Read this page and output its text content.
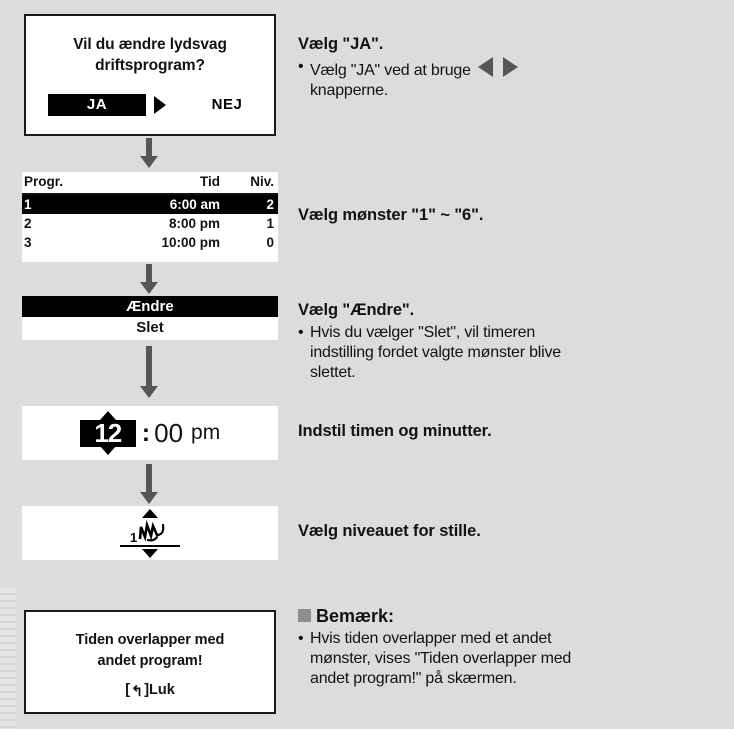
Vil du ændre lydsvag
driftsprogram?
JA	NEJ
Progr.	Tid	Niv.
1	6:00 am	2
2	8:00 pm	1
3	10:00 pm	0
Ændre
Slet
12 : 00 pm
1
Tiden overlapper med
andet program!
[↰]Luk
Vælg "JA".
• Vælg "JA" ved at bruge
knapperne.
Vælg mønster "1" ~ "6".
Vælg "Ændre".
• Hvis du vælger "Slet", vil timeren
indstilling fordet valgte mønster blive
slettet.
Indstil timen og minutter.
Vælg niveauet for stille.
Bemærk:
• Hvis tiden overlapper med et andet
mønster, vises "Tiden overlapper med
andet program!" på skærmen.
